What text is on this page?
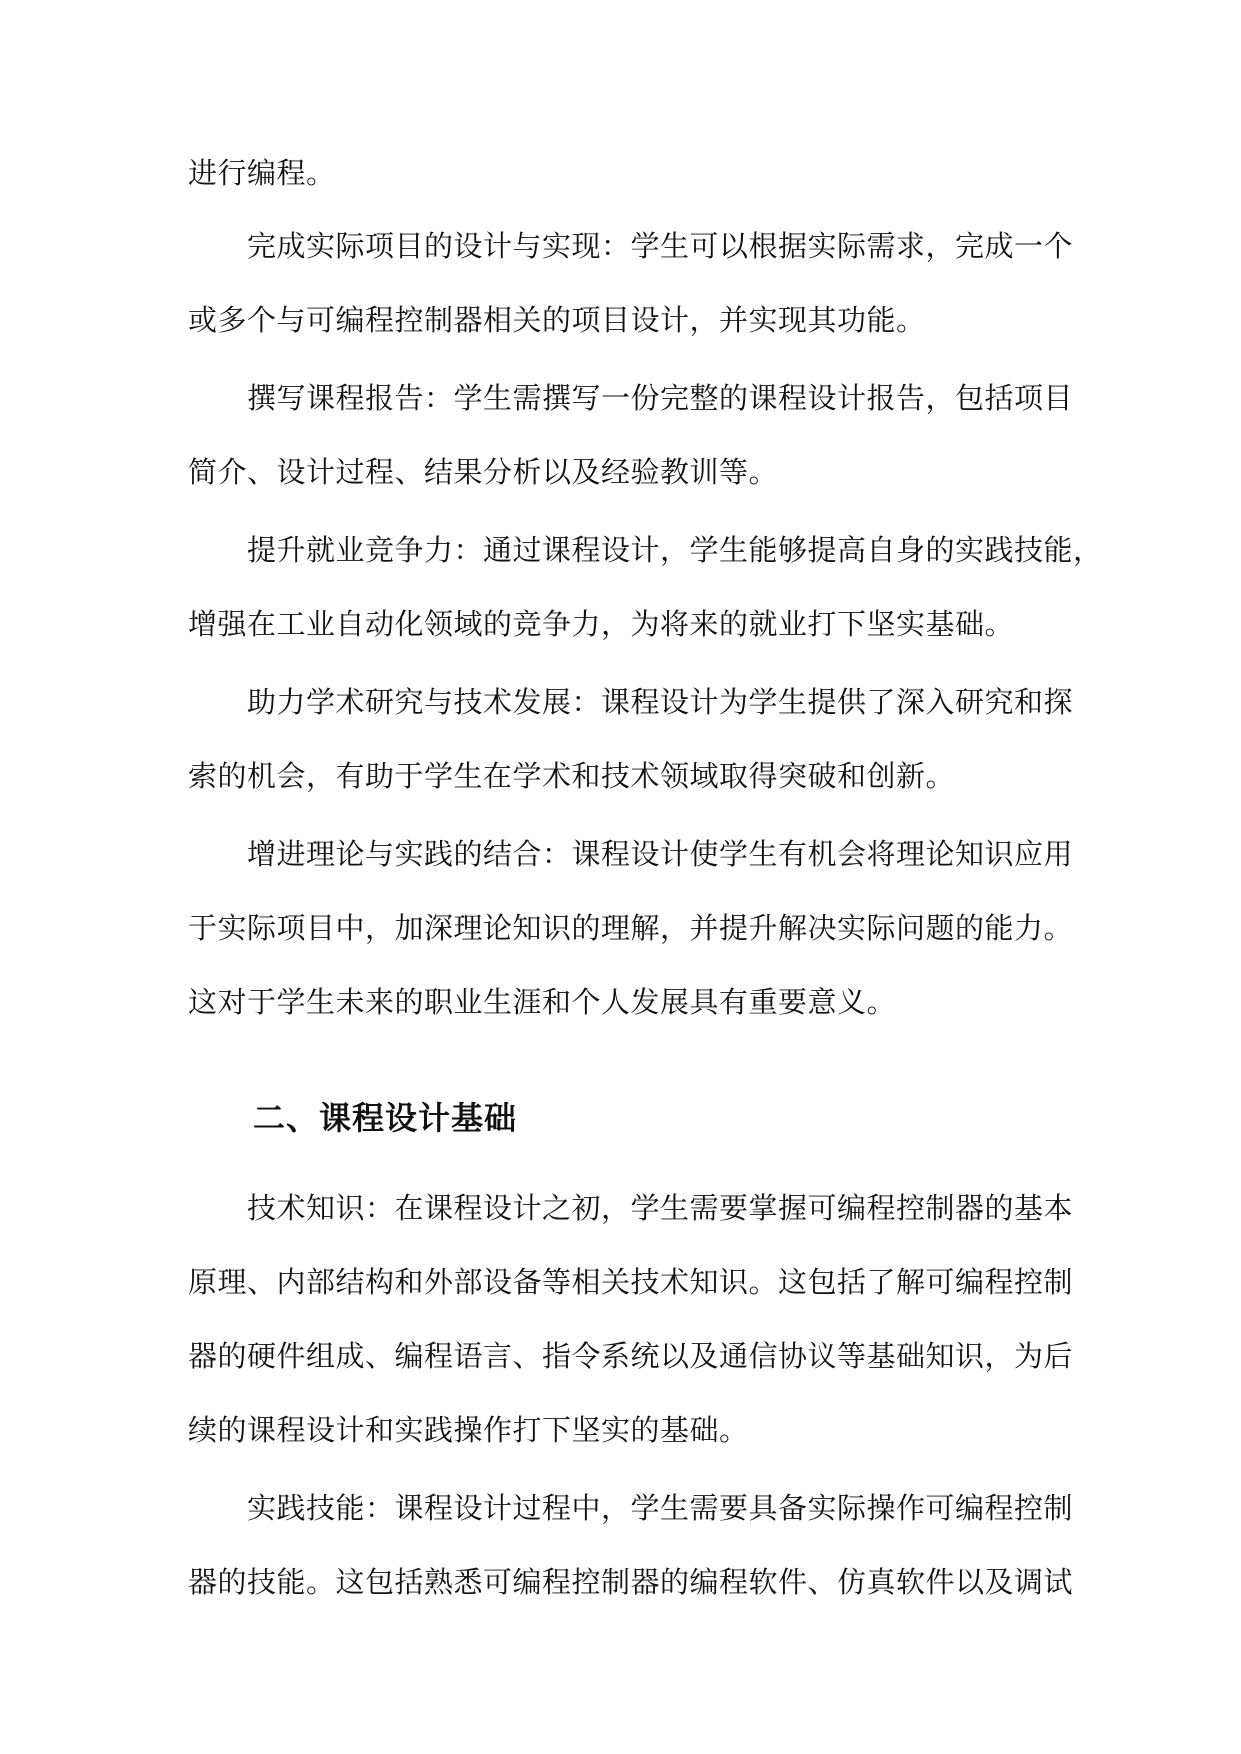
进行编程。
完成实际项目的设计与实现：学生可以根据实际需求，完成一个
或多个与可编程控制器相关的项目设计，并实现其功能。
撰写课程报告：学生需撰写一份完整的课程设计报告，包括项目
简介、设计过程、结果分析以及经验教训等。
提升就业竞争力：通过课程设计，学生能够提高自身的实践技能，
增强在工业自动化领域的竞争力，为将来的就业打下坚实基础。
助力学术研究与技术发展：课程设计为学生提供了深入研究和探
索的机会，有助于学生在学术和技术领域取得突破和创新。
增进理论与实践的结合：课程设计使学生有机会将理论知识应用
于实际项目中，加深理论知识的理解，并提升解决实际问题的能力。
这对于学生未来的职业生涯和个人发展具有重要意义。
二、课程设计基础
技术知识：在课程设计之初，学生需要掌握可编程控制器的基本
原理、内部结构和外部设备等相关技术知识。这包括了解可编程控制
器的硬件组成、编程语言、指令系统以及通信协议等基础知识，为后
续的课程设计和实践操作打下坚实的基础。
实践技能：课程设计过程中，学生需要具备实际操作可编程控制
器的技能。这包括熟悉可编程控制器的编程软件、仿真软件以及调试
